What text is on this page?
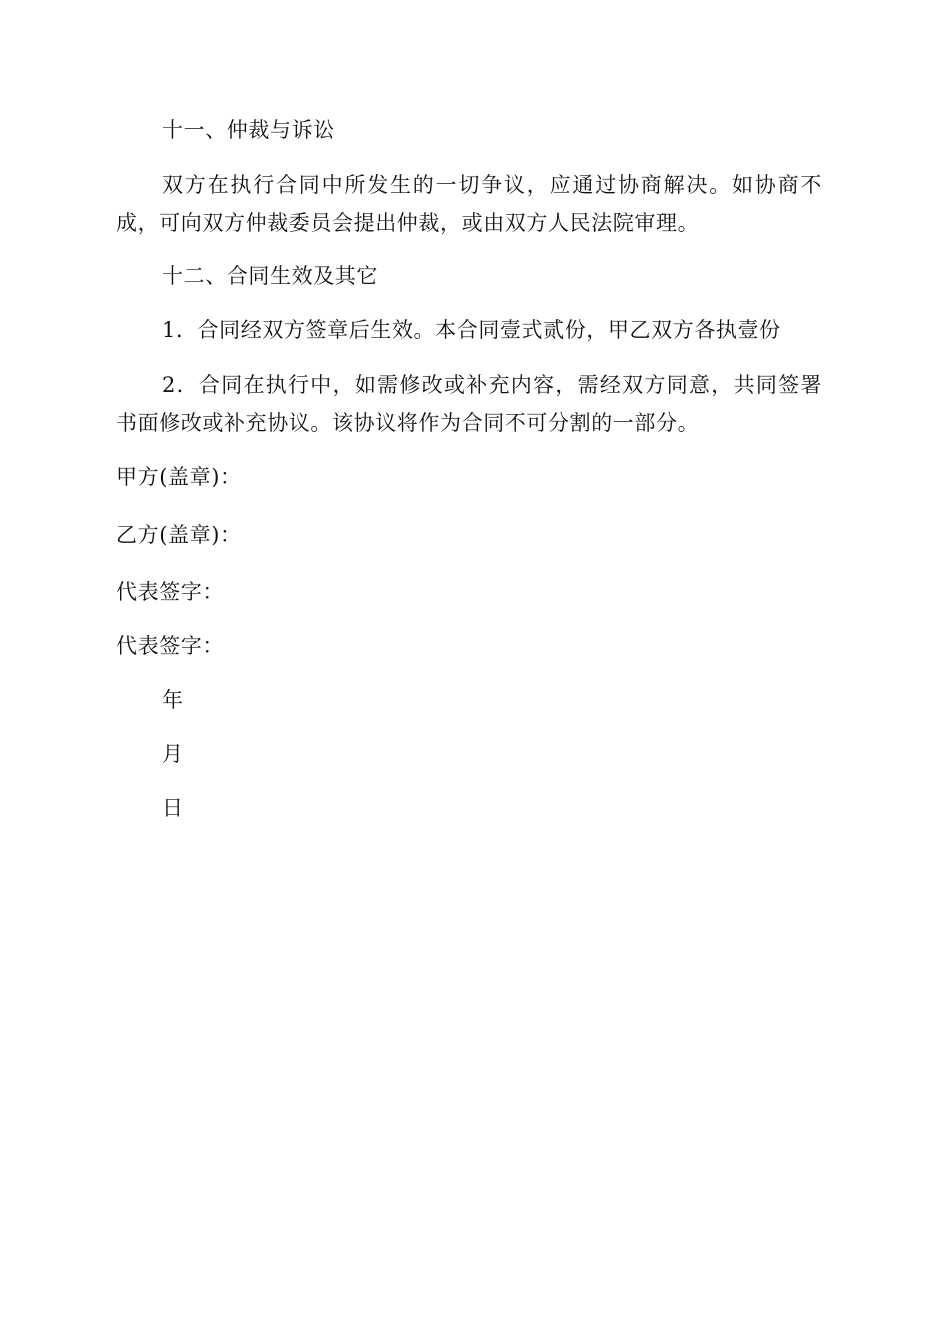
十一、仲裁与诉讼
双方在执行合同中所发生的一切争议，应通过协商解决。如协商不成，可向双方仲裁委员会提出仲裁，或由双方人民法院审理。
十二、合同生效及其它
1．合同经双方签章后生效。本合同壹式贰份，甲乙双方各执壹份
2．合同在执行中，如需修改或补充内容，需经双方同意，共同签署书面修改或补充协议。该协议将作为合同不可分割的一部分。
甲方(盖章)：
乙方(盖章)：
代表签字：
代表签字：
年
月
日
